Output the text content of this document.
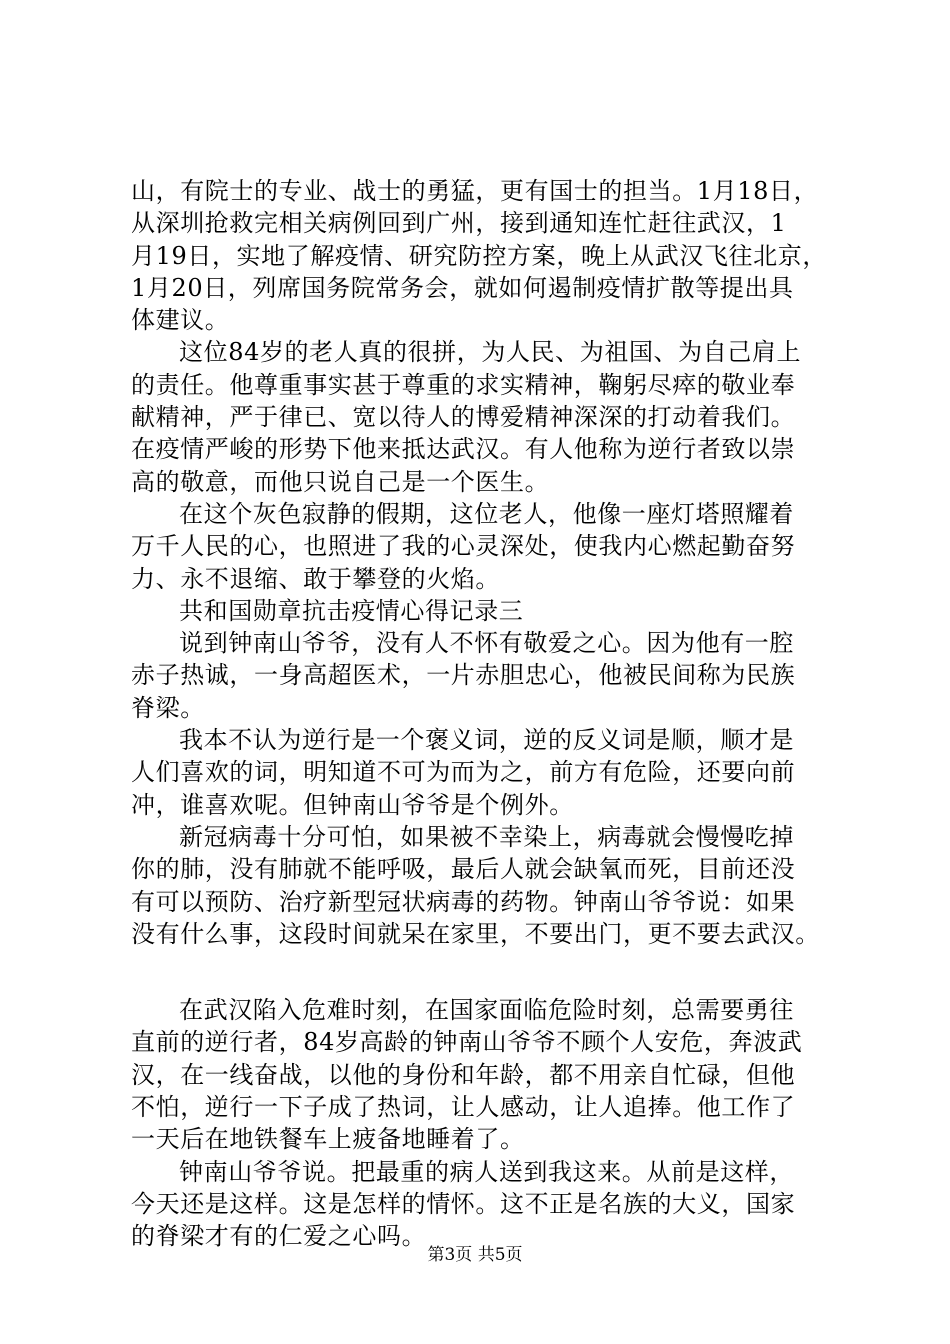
山，有院士的专业、战士的勇猛，更有国士的担当。1月18日，
从深圳抢救完相关病例回到广州，接到通知连忙赶往武汉，1
月19日，实地了解疫情、研究防控方案，晚上从武汉飞往北京，
1月20日，列席国务院常务会，就如何遏制疫情扩散等提出具
体建议。
这位84岁的老人真的很拼，为人民、为祖国、为自己肩上
的责任。他尊重事实甚于尊重的求实精神，鞠躬尽瘁的敬业奉
献精神，严于律已、宽以待人的博爱精神深深的打动着我们。
在疫情严峻的形势下他来抵达武汉。有人他称为逆行者致以崇
高的敬意，而他只说自己是一个医生。
在这个灰色寂静的假期，这位老人，他像一座灯塔照耀着
万千人民的心，也照进了我的心灵深处，使我内心燃起勤奋努
力、永不退缩、敢于攀登的火焰。
共和国勋章抗击疫情心得记录三
说到钟南山爷爷，没有人不怀有敬爱之心。因为他有一腔
赤子热诚，一身高超医术，一片赤胆忠心，他被民间称为民族
脊梁。
我本不认为逆行是一个褒义词，逆的反义词是顺，顺才是
人们喜欢的词，明知道不可为而为之，前方有危险，还要向前
冲，谁喜欢呢。但钟南山爷爷是个例外。
新冠病毒十分可怕，如果被不幸染上，病毒就会慢慢吃掉
你的肺，没有肺就不能呼吸，最后人就会缺氧而死，目前还没
有可以预防、治疗新型冠状病毒的药物。钟南山爷爷说：如果
没有什么事，这段时间就呆在家里，不要出门，更不要去武汉。
在武汉陷入危难时刻，在国家面临危险时刻，总需要勇往
直前的逆行者，84岁高龄的钟南山爷爷不顾个人安危，奔波武
汉，在一线奋战，以他的身份和年龄，都不用亲自忙碌，但他
不怕，逆行一下子成了热词，让人感动，让人追捧。他工作了
一天后在地铁餐车上疲备地睡着了。
钟南山爷爷说。把最重的病人送到我这来。从前是这样，
今天还是这样。这是怎样的情怀。这不正是名族的大义，国家
的脊梁才有的仁爱之心吗。
第3页 共5页
